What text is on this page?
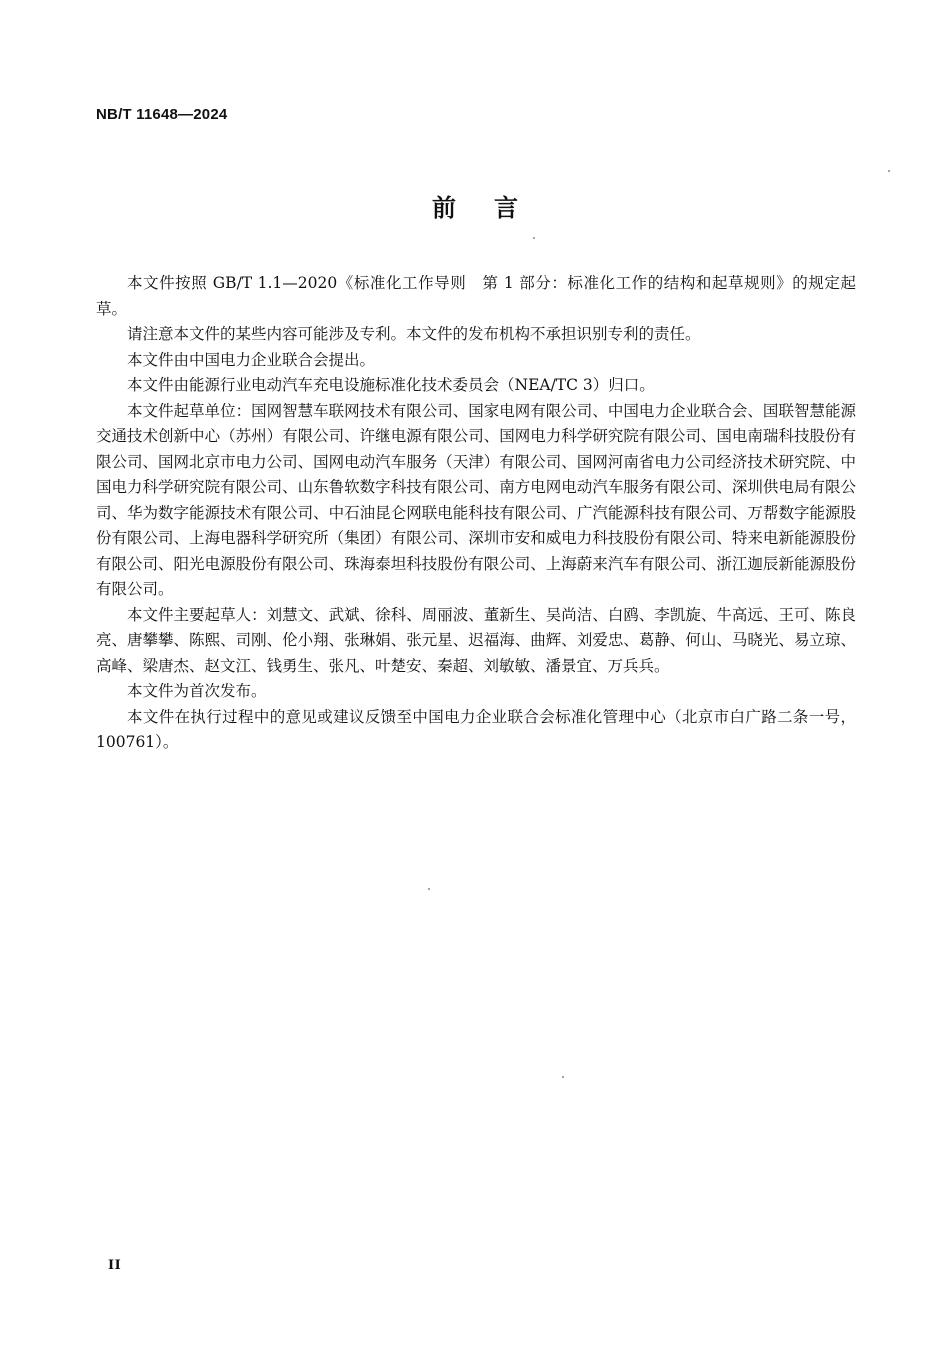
NB/T 11648—2024
前言

本文件按照 GB/T 1.1—2020《标准化工作导则　第 1 部分：标准化工作的结构和起草规则》的规定起草。

请注意本文件的某些内容可能涉及专利。本文件的发布机构不承担识别专利的责任。

本文件由中国电力企业联合会提出。

本文件由能源行业电动汽车充电设施标准化技术委员会（NEA/TC 3）归口。

本文件起草单位：国网智慧车联网技术有限公司、国家电网有限公司、中国电力企业联合会、国联智慧能源交通技术创新中心（苏州）有限公司、许继电源有限公司、国网电力科学研究院有限公司、国电南瑞科技股份有限公司、国网北京市电力公司、国网电动汽车服务（天津）有限公司、国网河南省电力公司经济技术研究院、中国电力科学研究院有限公司、山东鲁软数字科技有限公司、南方电网电动汽车服务有限公司、深圳供电局有限公司、华为数字能源技术有限公司、中石油昆仑网联电能科技有限公司、广汽能源科技有限公司、万帮数字能源股份有限公司、上海电器科学研究所（集团）有限公司、深圳市安和威电力科技股份有限公司、特来电新能源股份有限公司、阳光电源股份有限公司、珠海泰坦科技股份有限公司、上海蔚来汽车有限公司、浙江迦辰新能源股份有限公司。

本文件主要起草人：刘慧文、武斌、徐科、周丽波、董新生、吴尚洁、白鸥、李凯旋、牛高远、王可、陈良亮、唐攀攀、陈熙、司刚、伦小翔、张琳娟、张元星、迟福海、曲辉、刘爱忠、葛静、何山、马晓光、易立琼、高峰、梁唐杰、赵文江、钱勇生、张凡、叶楚安、秦超、刘敏敏、潘景宜、万兵兵。

本文件为首次发布。

本文件在执行过程中的意见或建议反馈至中国电力企业联合会标准化管理中心（北京市白广路二条一号，100761）。

II
